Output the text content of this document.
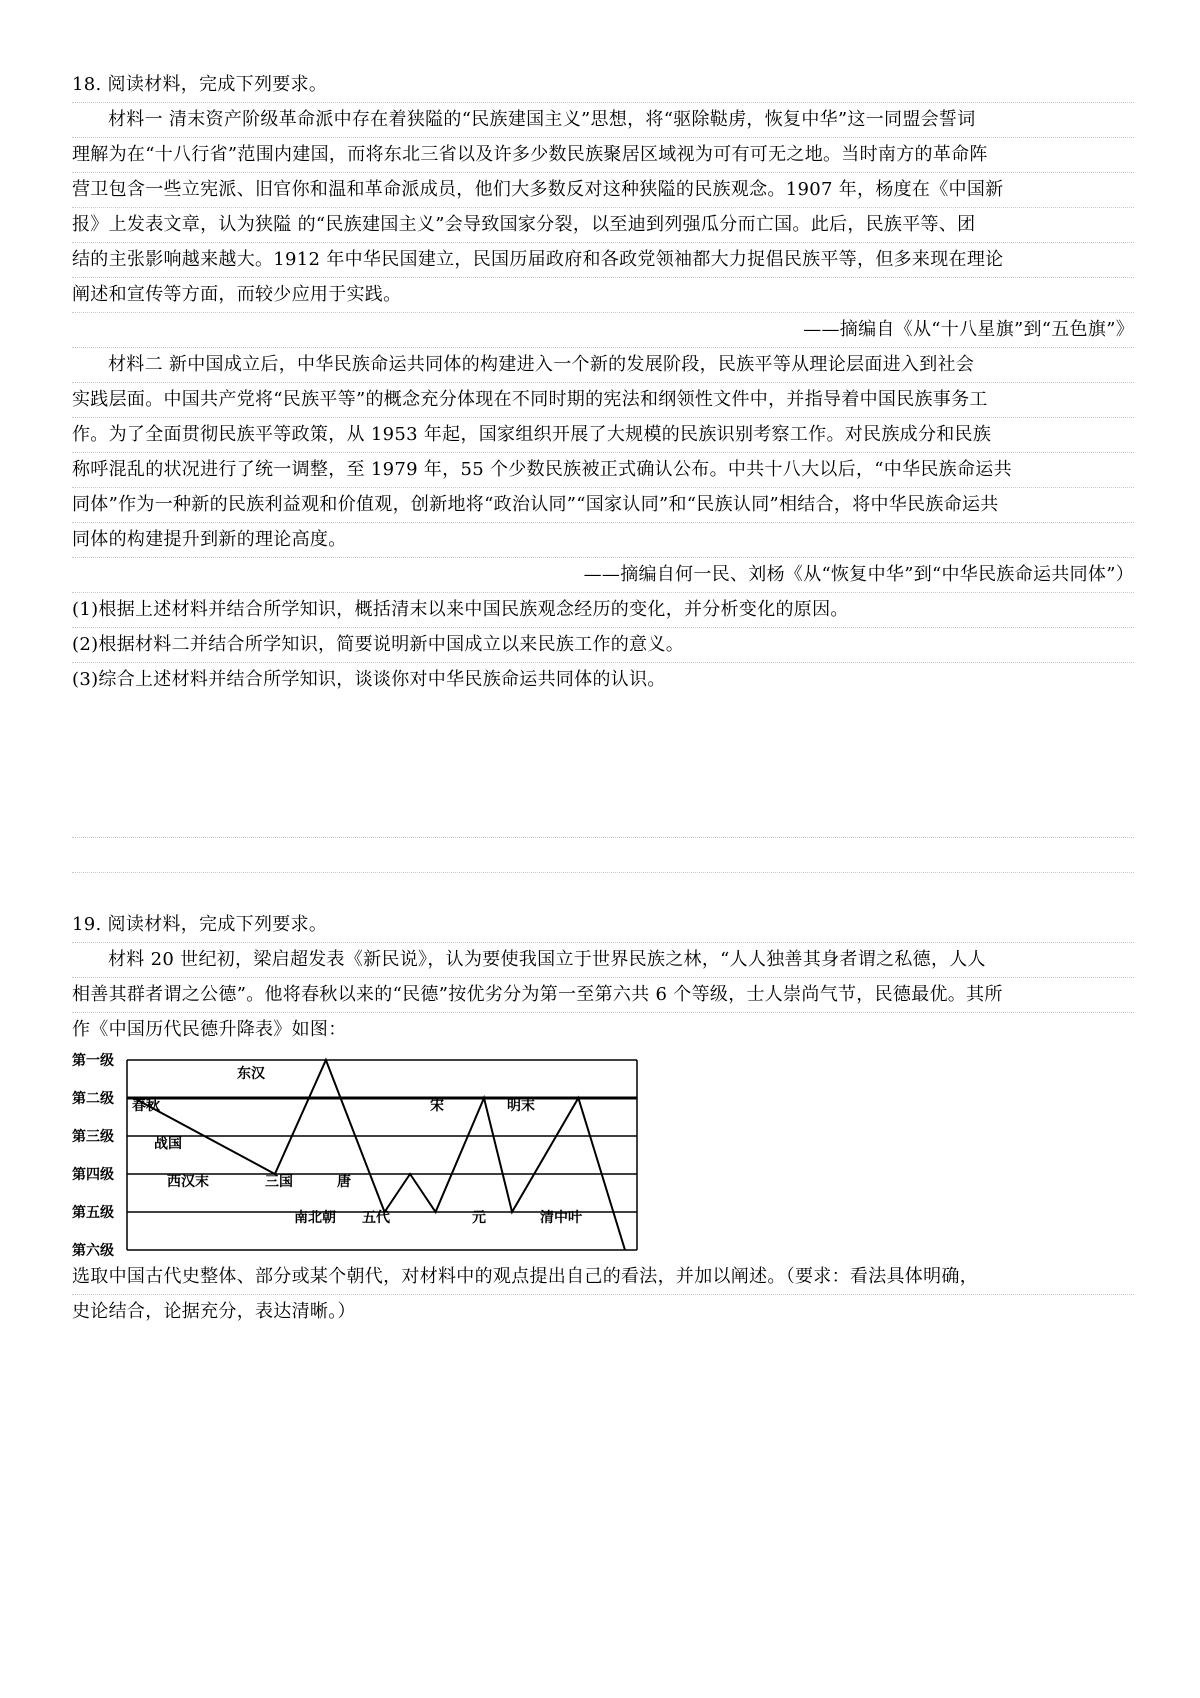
18. 阅读材料，完成下列要求。
材料一 清末资产阶级革命派中存在着狭隘的“民族建国主义”思想，将“驱除鞑虏，恢复中华”这一同盟会誓词
理解为在“十八行省”范围内建国，而将东北三省以及许多少数民族聚居区域视为可有可无之地。当时南方的革命阵
营卫包含一些立宪派、旧官你和温和革命派成员，他们大多数反对这种狭隘的民族观念。1907 年，杨度在《中国新
报》上发表文章，认为狭隘 的“民族建国主义”会导致国家分裂，以至迪到列强瓜分而亡国。此后，民族平等、团
结的主张影响越来越大。1912 年中华民国建立，民国历届政府和各政党领袖都大力捉倡民族平等，但多来现在理论
阐述和宣传等方面，而较少应用于实践。
——摘编自《从“十八星旗”到“五色旗”》
材料二 新中国成立后，中华民族命运共同体的构建进入一个新的发展阶段，民族平等从理论层面进入到社会
实践层面。中国共产党将“民族平等”的概念充分体现在不同时期的宪法和纲领性文件中，并指导着中国民族事务工
作。为了全面贯彻民族平等政策，从 1953 年起，国家组织开展了大规模的民族识别考察工作。对民族成分和民族
称呼混乱的状况进行了统一调整，至 1979 年，55 个少数民族被正式确认公布。中共十八大以后，“中华民族命运共
同体”作为一种新的民族利益观和价值观，创新地将“政治认同”“国家认同”和“民族认同”相结合，将中华民族命运共
同体的构建提升到新的理论高度。
——摘编自何一民、刘杨《从“恢复中华”到“中华民族命运共同体”）
(1)根据上述材料并结合所学知识，概括清末以来中国民族观念经历的变化，并分析变化的原因。
(2)根据材料二并结合所学知识，简要说明新中国成立以来民族工作的意义。
(3)综合上述材料并结合所学知识，谈谈你对中华民族命运共同体的认识。
19. 阅读材料，完成下列要求。
材料 20 世纪初，梁启超发表《新民说》，认为要使我国立于世界民族之林，“人人独善其身者谓之私德，人人
相善其群者谓之公德”。他将春秋以来的“民德”按优劣分为第一至第六共 6 个等级，士人崇尚气节，民德最优。其所
作《中国历代民德升降表》如图：
第一级
第二级
第三级
第四级
第五级
第六级
春秋
战国
西汉末
东汉
三国
南北朝
唐
五代
宋
元
明末
清中叶
选取中国古代史整体、部分或某个朝代，对材料中的观点提出自己的看法，并加以阐述。（要求：看法具体明确，
史论结合，论据充分，表达清晰。）
